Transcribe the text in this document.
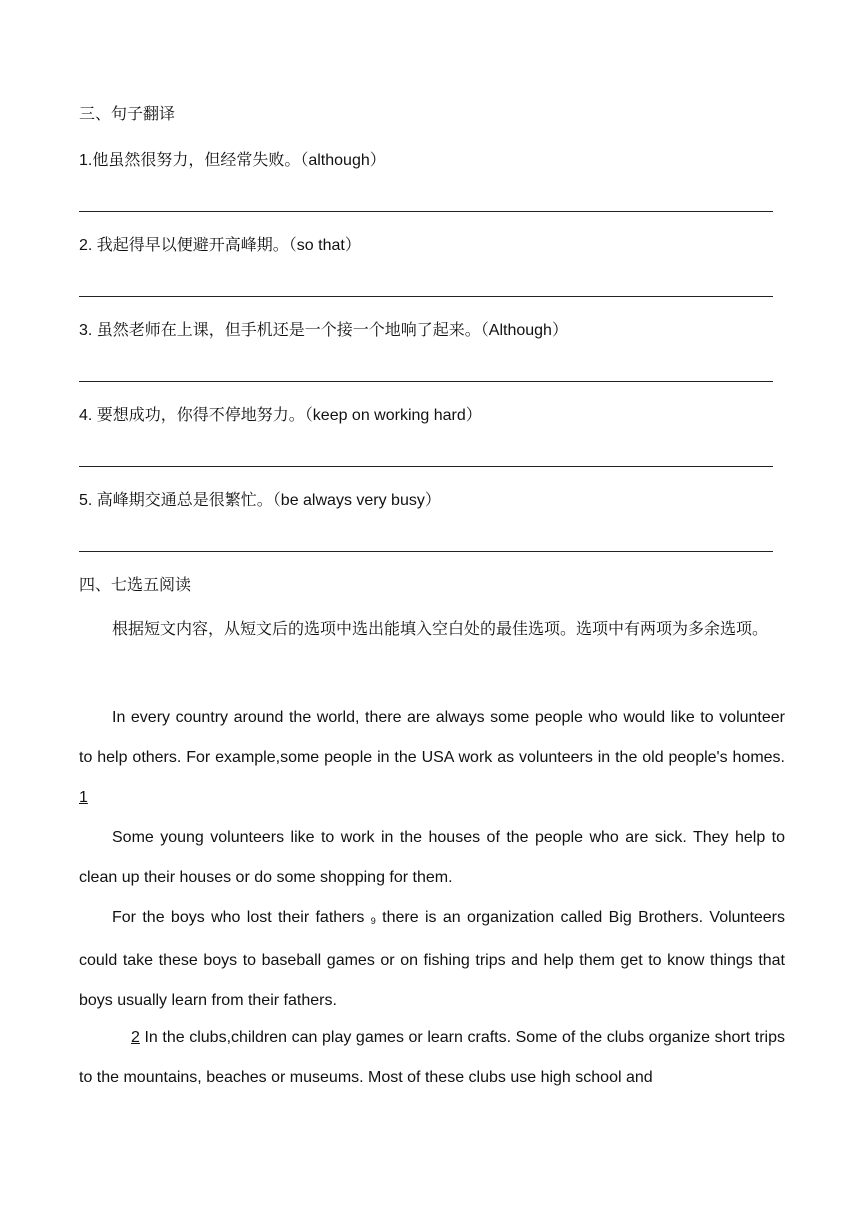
三、句子翻译
1.他虽然很努力，但经常失败。（although）
2. 我起得早以便避开高峰期。（so that）
3. 虽然老师在上课，但手机还是一个接一个地响了起来。（Although）
4. 要想成功，你得不停地努力。（keep on working hard）
5. 高峰期交通总是很繁忙。（be always very busy）
四、七选五阅读
根据短文内容，从短文后的选项中选出能填入空白处的最佳选项。选项中有两项为多余选项。
In every country around the world, there are always some people who would like to volunteer to help others. For example,some people in the USA work as volunteers in the old people's homes. 1
Some young volunteers like to work in the houses of the people who are sick. They help to clean up their houses or do some shopping for them.
For the boys who lost their fathers 9 there is an organization called Big Brothers. Volunteers could take these boys to baseball games or on fishing trips and help them get to know things that boys usually learn from their fathers.
2 In the clubs,children can play games or learn crafts. Some of the clubs organize short trips to the mountains, beaches or museums. Most of these clubs use high school and
